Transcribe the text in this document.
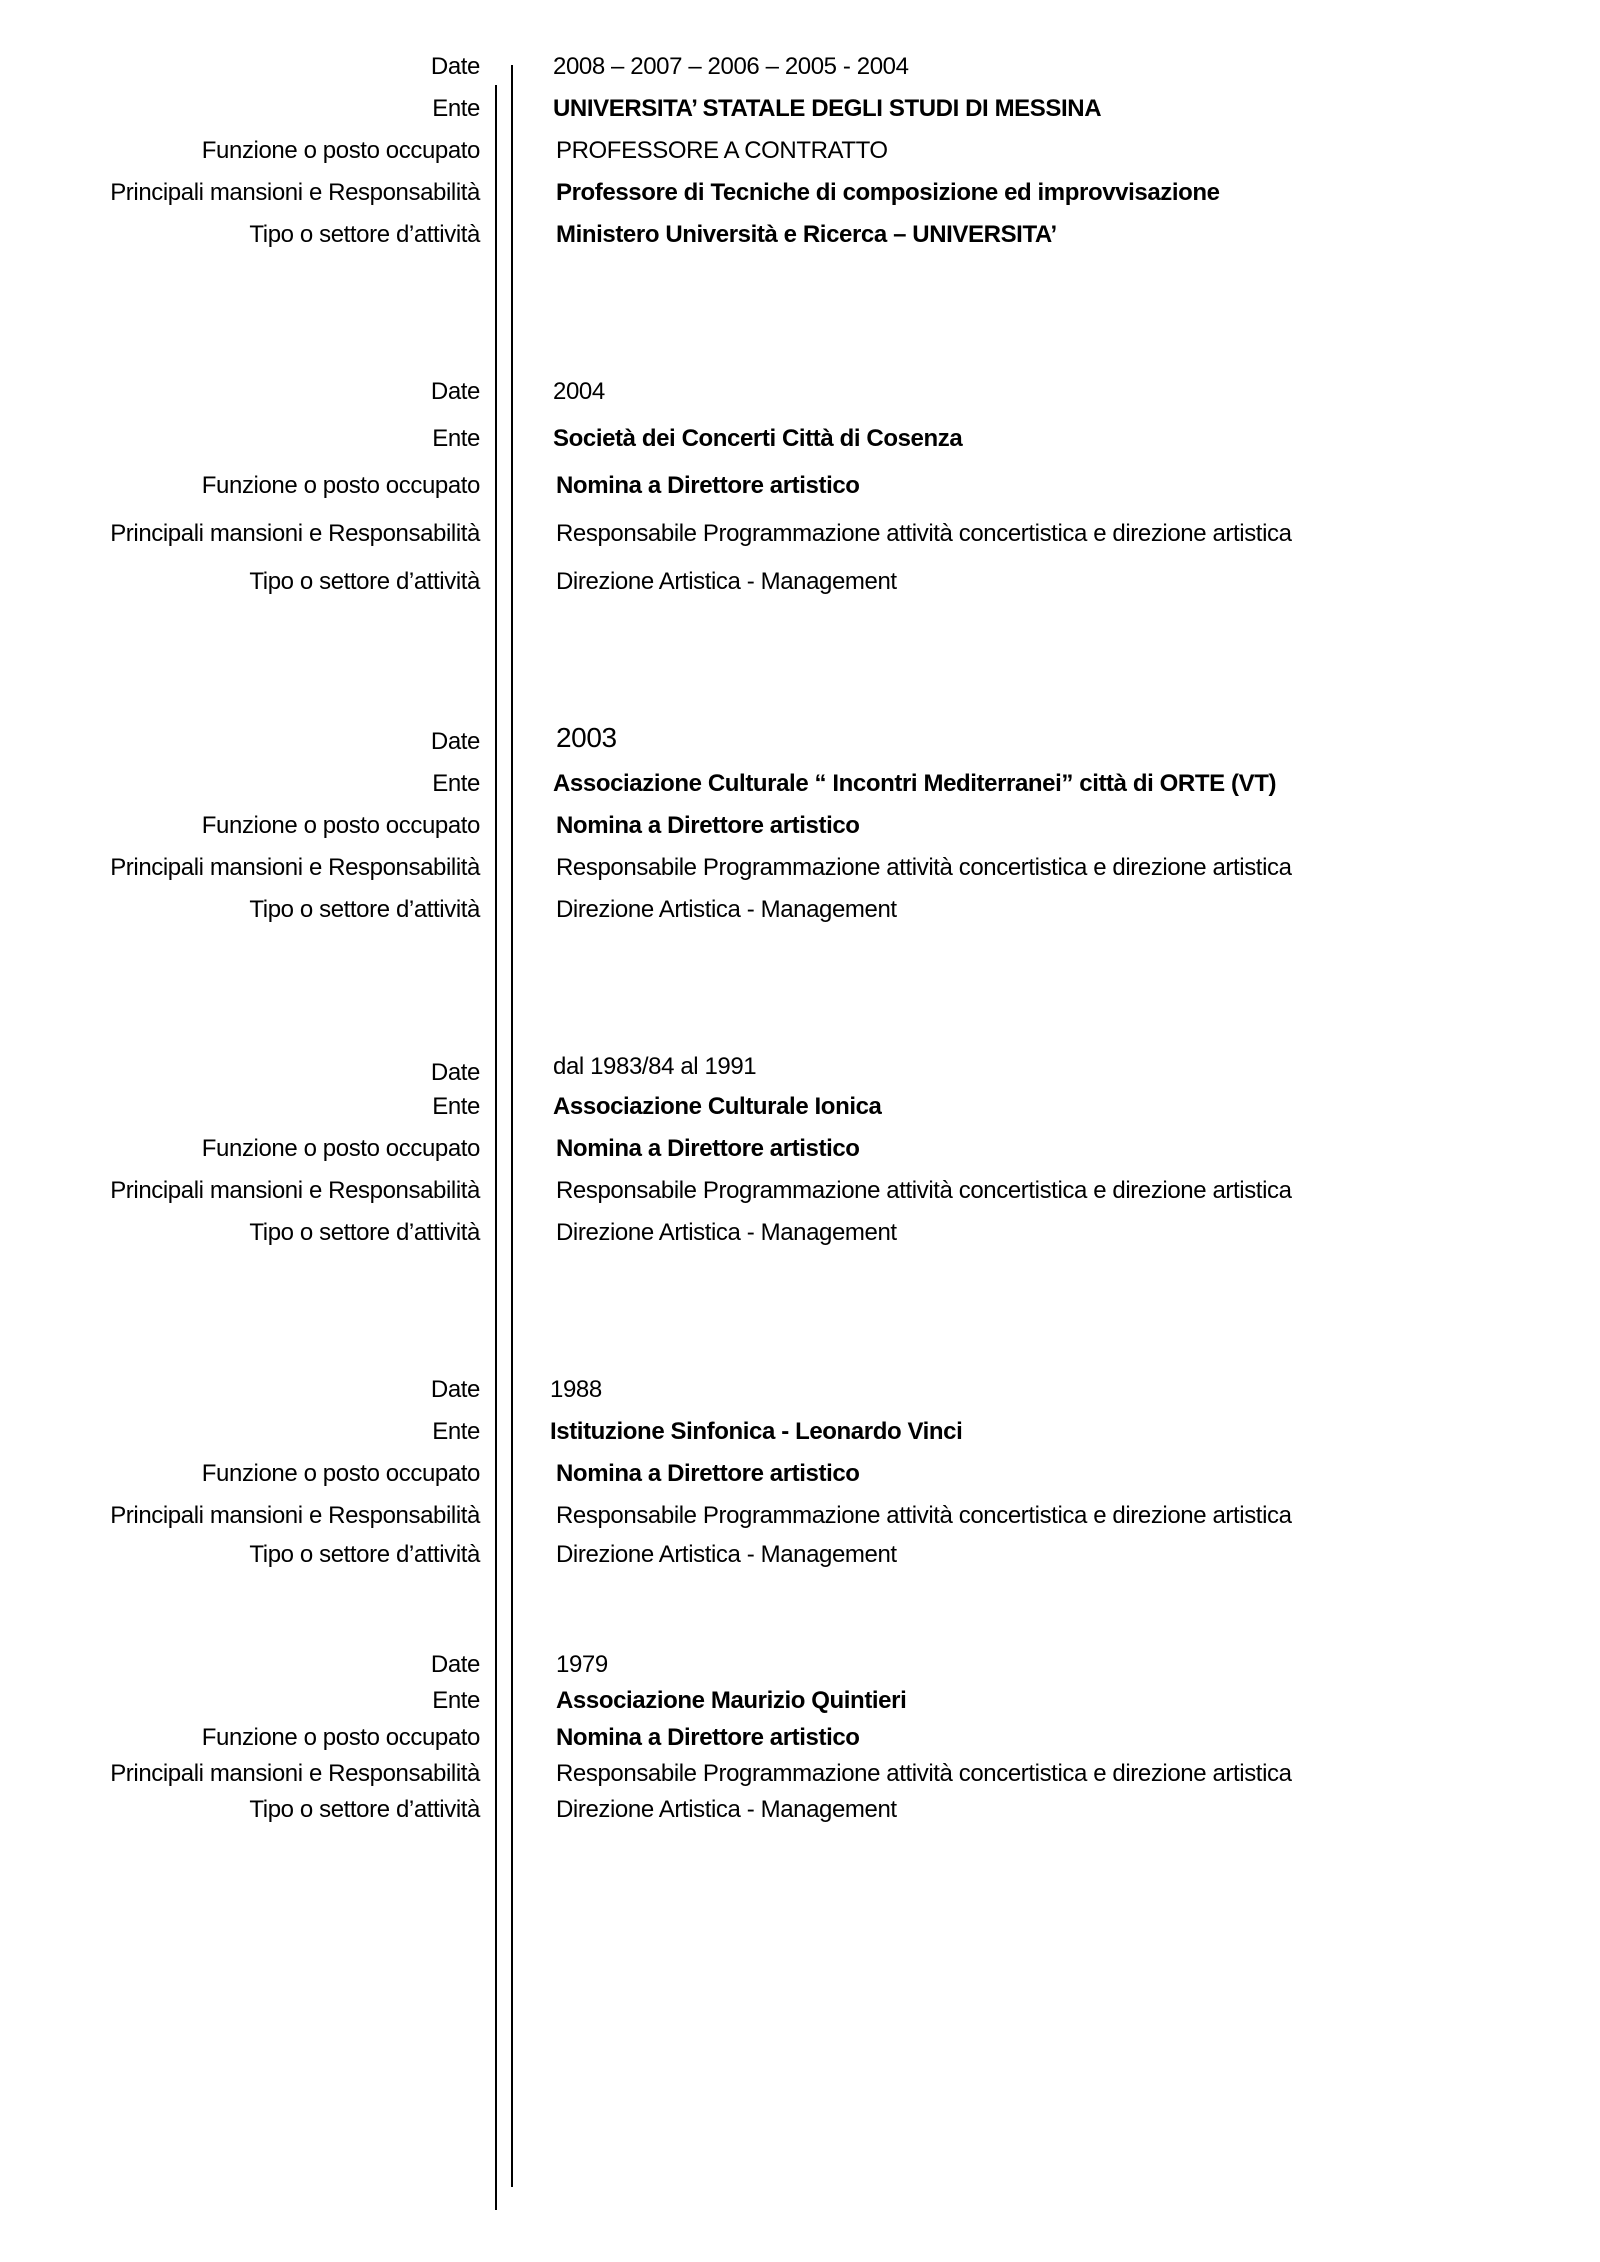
Date	2008 – 2007 – 2006 – 2005 - 2004
Ente	UNIVERSITA’ STATALE DEGLI STUDI DI MESSINA
Funzione o posto occupato	PROFESSORE A CONTRATTO
Principali mansioni e Responsabilità	Professore di Tecniche di composizione ed improvvisazione
Tipo o settore d’attività	Ministero Università e Ricerca – UNIVERSITA’
Date	2004
Ente	Società dei Concerti Città di Cosenza
Funzione o posto occupato	Nomina a Direttore artistico
Principali mansioni e Responsabilità	Responsabile Programmazione attività concertistica e direzione artistica
Tipo o settore d’attività	Direzione Artistica - Management
Date	2003
Ente	Associazione Culturale “ Incontri Mediterranei” città di ORTE (VT)
Funzione o posto occupato	Nomina a Direttore artistico
Principali mansioni e Responsabilità	Responsabile Programmazione attività concertistica e direzione artistica
Tipo o settore d’attività	Direzione Artistica - Management
Date	dal 1983/84 al 1991
Ente	Associazione Culturale Ionica
Funzione o posto occupato	Nomina a Direttore artistico
Principali mansioni e Responsabilità	Responsabile Programmazione attività concertistica e direzione artistica
Tipo o settore d’attività	Direzione Artistica - Management
Date	1988
Ente	Istituzione Sinfonica - Leonardo Vinci
Funzione o posto occupato	Nomina a Direttore artistico
Principali mansioni e Responsabilità	Responsabile Programmazione attività concertistica e direzione artistica
Tipo o settore d’attività	Direzione Artistica - Management
Date	1979
Ente	Associazione Maurizio Quintieri
Funzione o posto occupato	Nomina a Direttore artistico
Principali mansioni e Responsabilità	Responsabile Programmazione attività concertistica e direzione artistica
Tipo o settore d’attività	Direzione Artistica - Management
